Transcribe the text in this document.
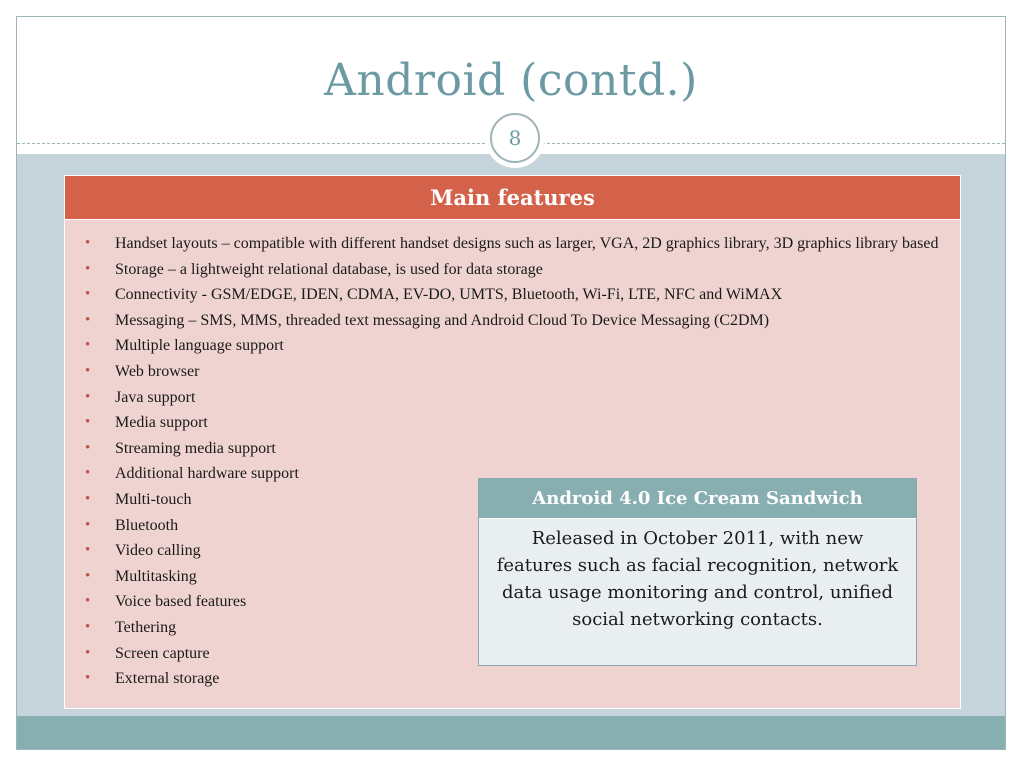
Android (contd.)
8
Main features
• Handset layouts – compatible with different handset designs such as larger, VGA, 2D graphics library, 3D graphics library based
• Storage – a lightweight relational database, is used for data storage
• Connectivity - GSM/EDGE, IDEN, CDMA, EV-DO, UMTS, Bluetooth, Wi-Fi, LTE, NFC and WiMAX
• Messaging – SMS, MMS, threaded text messaging and Android Cloud To Device Messaging (C2DM)
• Multiple language support
• Web browser
• Java support
• Media support
• Streaming media support
• Additional hardware support
• Multi-touch
• Bluetooth
• Video calling
• Multitasking
• Voice based features
• Tethering
• Screen capture
• External storage
Android 4.0 Ice Cream Sandwich
Released in October 2011, with new features such as facial recognition, network data usage monitoring and control, unified social networking contacts.
